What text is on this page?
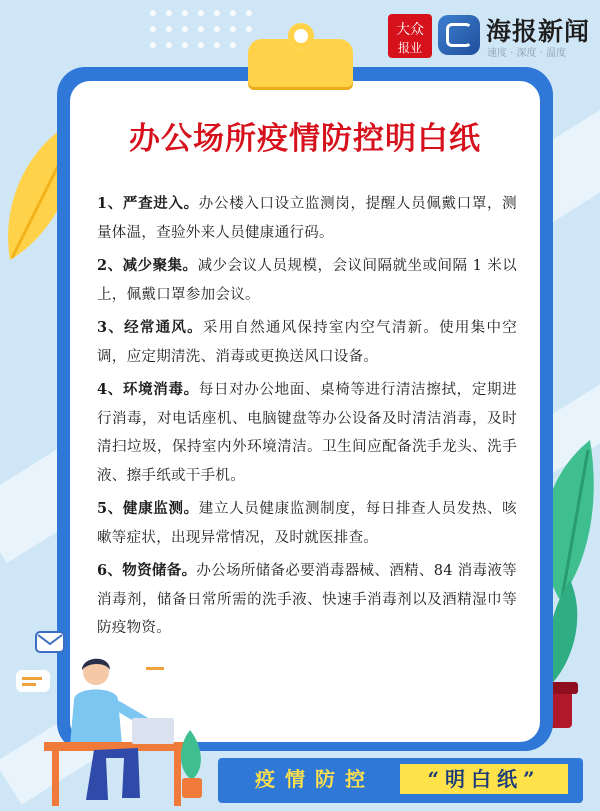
大众
报业
海报新闻
速度 · 深度 · 温度
办公场所疫情防控明白纸
1、严查进入。办公楼入口设立监测岗，提醒人员佩戴口罩，测量体温，查验外来人员健康通行码。
2、减少聚集。减少会议人员规模，会议间隔就坐或间隔 1 米以上，佩戴口罩参加会议。
3、经常通风。采用自然通风保持室内空气清新。使用集中空调，应定期清洗、消毒或更换送风口设备。
4、环境消毒。每日对办公地面、桌椅等进行清洁擦拭，定期进行消毒，对电话座机、电脑键盘等办公设备及时清洁消毒，及时清扫垃圾，保持室内外环境清洁。卫生间应配备洗手龙头、洗手液、擦手纸或干手机。
5、健康监测。建立人员健康监测制度，每日排查人员发热、咳嗽等症状，出现异常情况，及时就医排查。
6、物资储备。办公场所储备必要消毒器械、酒精、84 消毒液等消毒剂，储备日常所需的洗手液、快速手消毒剂以及酒精湿巾等防疫物资。
疫情防控	“明白纸”
